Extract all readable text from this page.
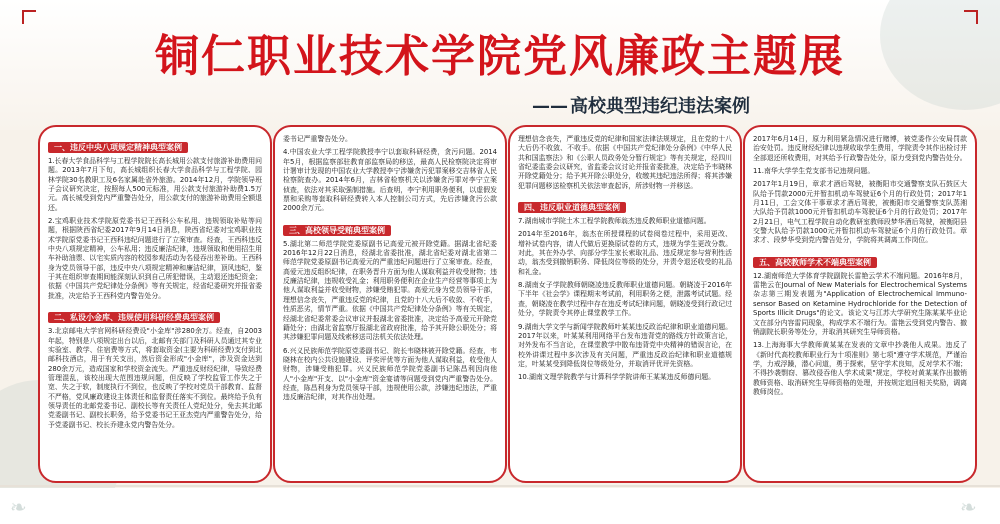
铜仁职业技术学院党风廉政主题展
—— 高校典型违纪违法案例
一、违反中央八项规定精神典型案例

1.长春大学食品科学与工程学院院长高长城用公款支付旅游补助费用问题。2013年7月下旬，高长城组织长春大学食品科学与工程学院、园林学院30名教职工及6名家属赴省外旅游。2014年12月，学院领导班子会议研究决定，按照每人500元标准，用公款支付旅游补助费1.5万元。高长城受到党内严重警告处分，用公款支付的旅游补助费用全额退还。

2.宝鸡职业技术学院原党委书记王西科公车私用、违规领取补贴等问题，根据陕西省纪委2017年9月14日消息，陕西省纪委对宝鸡职业技术学院原党委书记王西科违纪问题进行了立案审查。经查，王西科违反中央八项规定精神，公车私用；违反廉洁纪律，违规领取和使用招生用车补助油票、以宅实质内容的校园参观活动为名侵吞出差补助。王西科身为党员领导干部，违反中央八项规定精神和廉洁纪律，顶风违纪，鉴于其在组织审查期间能深刻认识到自己所犯错误，主动退还违纪资金；依据《中国共产党纪律处分条例》等有关规定，经省纪委研究并报省委批准，决定给予王西科党内警告处分。

二、私设小金库、违规使用科研经费典型案例

3.北京邮电大学官网科研经费设"小金库"涉280余万。经查，自2003年起，特别是八项规定出台以后，北邮有关部门及科研人员通过其专业实验室、教学、住宿费等方式，将套取资金(主要为科研经费)支付到北邮科技酒店，用于有关支出，然后资金形成"小金库"，涉及资金达到280余万元，造成国家和学校资金流失。严重违反财经纪律，导致经费管理混乱，该校出现大范围违规问题，但反映了学校监管工作失之于宽、失之于软，制度执行不到位，也反映了学校对党员干部教育、监督不严格，党风廉政建设主体责任和监督责任落实不到位。最终给予负有领导责任的北邮党委书记、副校长等有关责任人党纪处分，免去其北邮党委副书记、副校长职务，给予党委书记王亚杰党内严重警告处分，给予党委副书记、校长乔建永党内警告处分。

委书记严重警告处分。

4.中国农业大学工程学院教授李宁以套取科研经费，贪污问题。2014年5月，根据监察部驻教育部监察局的移送，最高人民检察院决定将审计署审计发现的中国农业大学教授李宁涉嫌贪污犯罪案移交吉林省人民检察院查办。2014年6月，吉林省检察机关以涉嫌贪污罪对李宁立案侦查，依法对其采取强制措施。后查明，李宁利用职务便利，以虚假发票和采购等套取科研经费转入本人控制公司方式，先后涉嫌贪污公款2000余万元。

三、高校领导受贿典型案例

5.湖北第二师范学院党委原副书记高爱元被开除党籍。据湖北省纪委2016年12月22日消息，经湖北省委批准，湖北省纪委对湖北省第二师范学院党委原副书记高爱元的严重违纪问题进行了立案审查。经查，高爱元违反组织纪律，在职务晋升方面为他人谋取利益并收受财物；违反廉洁纪律，违规收受礼金；利用职务便利在企业生产经营等事项上为他人谋取利益并收受财物，涉嫌受贿犯罪。高爱元身为党员领导干部，理想信念丧失，严重违反党的纪律，且党的十八大后不收敛、不收手，性质恶劣，情节严重。依据《中国共产党纪律处分条例》等有关规定，经湖北省纪委常委会议审议并报湖北省委批准，决定给予高爱元开除党籍处分；由湖北省监察厅报湖北省政府批准，给予其开除公职处分；将其涉嫌犯罪问题及线索移送司法机关依法处理。

6.兴义民族师范学院原党委副书记、院长韦晓林被开除党籍。经查，韦晓林在校内公共设施建设、评奖评优等方面为他人谋取利益，收受他人财物，涉嫌受贿犯罪。兴义民族师范学院党委副书记陈昌利因向他人"小金库"开支、以"小金库"资金宴请等问题受到党内严重警告处分。经查，陈昌利身为党员领导干部，违规使用公款，涉嫌违纪违法，严重违反廉洁纪律，对其作出处理。

理想信念丧失，严重违反党的纪律和国家法律法规规定，且在党的十八大后仍不收敛、不收手。依据《中国共产党纪律处分条例》《中华人民共和国监察法》和《公职人员政务处分暂行规定》等有关规定，经四川省纪委监委会议研究，省监委会议讨论并报省委批准，决定给予韦晓林开除党籍处分；给予其开除公职处分，收缴其违纪违法所得；将其涉嫌犯罪问题移送检察机关依法审查起诉，所涉财物一并移送。

四、违反职业道德典型案例

7.湖南城市学院土木工程学院教师翁杰违反教师职业道德问题。

2014年至2016年，翁杰在所授课程的试卷阅卷过程中，采用更改、增补试卷内容，请人代做后更换原试卷的方式，违规为学生更改分数。对此，其在外办学、向部分学生家长索取礼品、违反规定参与营利性活动，翁杰受到撤销职务、降低岗位等级的处分，并责令退还收受的礼品和礼金。

8.湖南女子学院教师朝晓凌违反教师职业道德问题。朝晓凌于2016年下半年《社会学》课程期末考试前，利用职务之便，泄露考试试题。经查，朝晓凌在教学过程中存在违反考试纪律问题，朝晓凌受到行政记过处分，学院责令其停止课堂教学工作。

9.湖南大学文学与新闻学院教师叶某某违反政治纪律和职业道德问题。2017年以来，叶某某利用网络平台发布违背党的路线方针政策言论，对外发布不当言论，在课堂教学中散布违背党中央精神的错误言论，在校外讲课过程中多次涉及有关问题，严重违反政治纪律和职业道德规定，叶某某受到降低岗位等级处分，并取消评优评先资格。

10.湖南文理学院教学与计算科学学院讲师王某某违反师德问题。

2017年6月14日，原力利用紧急情况进行赌博，被党委作公安局罚款治安处罚。违反财经纪律以违规收取学生费用，学院责令其作出检讨并全部退还所收费用，对其给予行政警告处分，原力受到党内警告处分。

11.南华大学学生党支部书记违规问题。

2017年1月19日，章求才酒后驾驶，被衡阳市交通警察支队石鼓区大队给予罚款2000元并暂扣机动车驾驶证6个月的行政处罚；2017年1月11日，工会文体干事章求才酒后驾驶，被衡阳市交通警察支队蒸湘大队给予罚款1000元并暂扣机动车驾驶证6个月的行政处罚；2017年2月21日，电气工程学院自动化教研室教师段梦华酒后驾驶，被衡阳县交警大队给予罚款1000元并暂扣机动车驾驶证6个月的行政处罚。章求才、段梦华受到党内警告处分，学院将其调离工作岗位。

五、高校教师学术不端典型案例

12.湖南师范大学体育学院副院长雷艳云学术不端问题。2016年8月，雷艳云在Journal of New Materials for Electrochemical Systems杂志第三期发表题为"Application of Electrochemical Immuno-sensor Based on Ketamine Hydrochloride for the Detection of Sports Illicit Drugs"的论文。该论文与江苏大学研究生陈某某毕业论文在部分内容雷同现象，构成学术不端行为。雷艳云受到党内警告、撤销副院长职务等处分，并取消其研究生导师资格。

13.上海海事大学教师黄某某在发表的文章中抄袭他人成果。违反了《新时代高校教师职业行为十项准则》第七项"遵守学术规范，严谨治学，力戒浮躁，潜心问道，勇于探索，坚守学术良知，反对学术不端；不得抄袭剽窃、篡改侵吞他人学术成果"规定，学校对黄某某作出撤销教师资格、取消研究生导师资格的处理，并按规定追回相关奖励，调离教师岗位。

❧	❧
